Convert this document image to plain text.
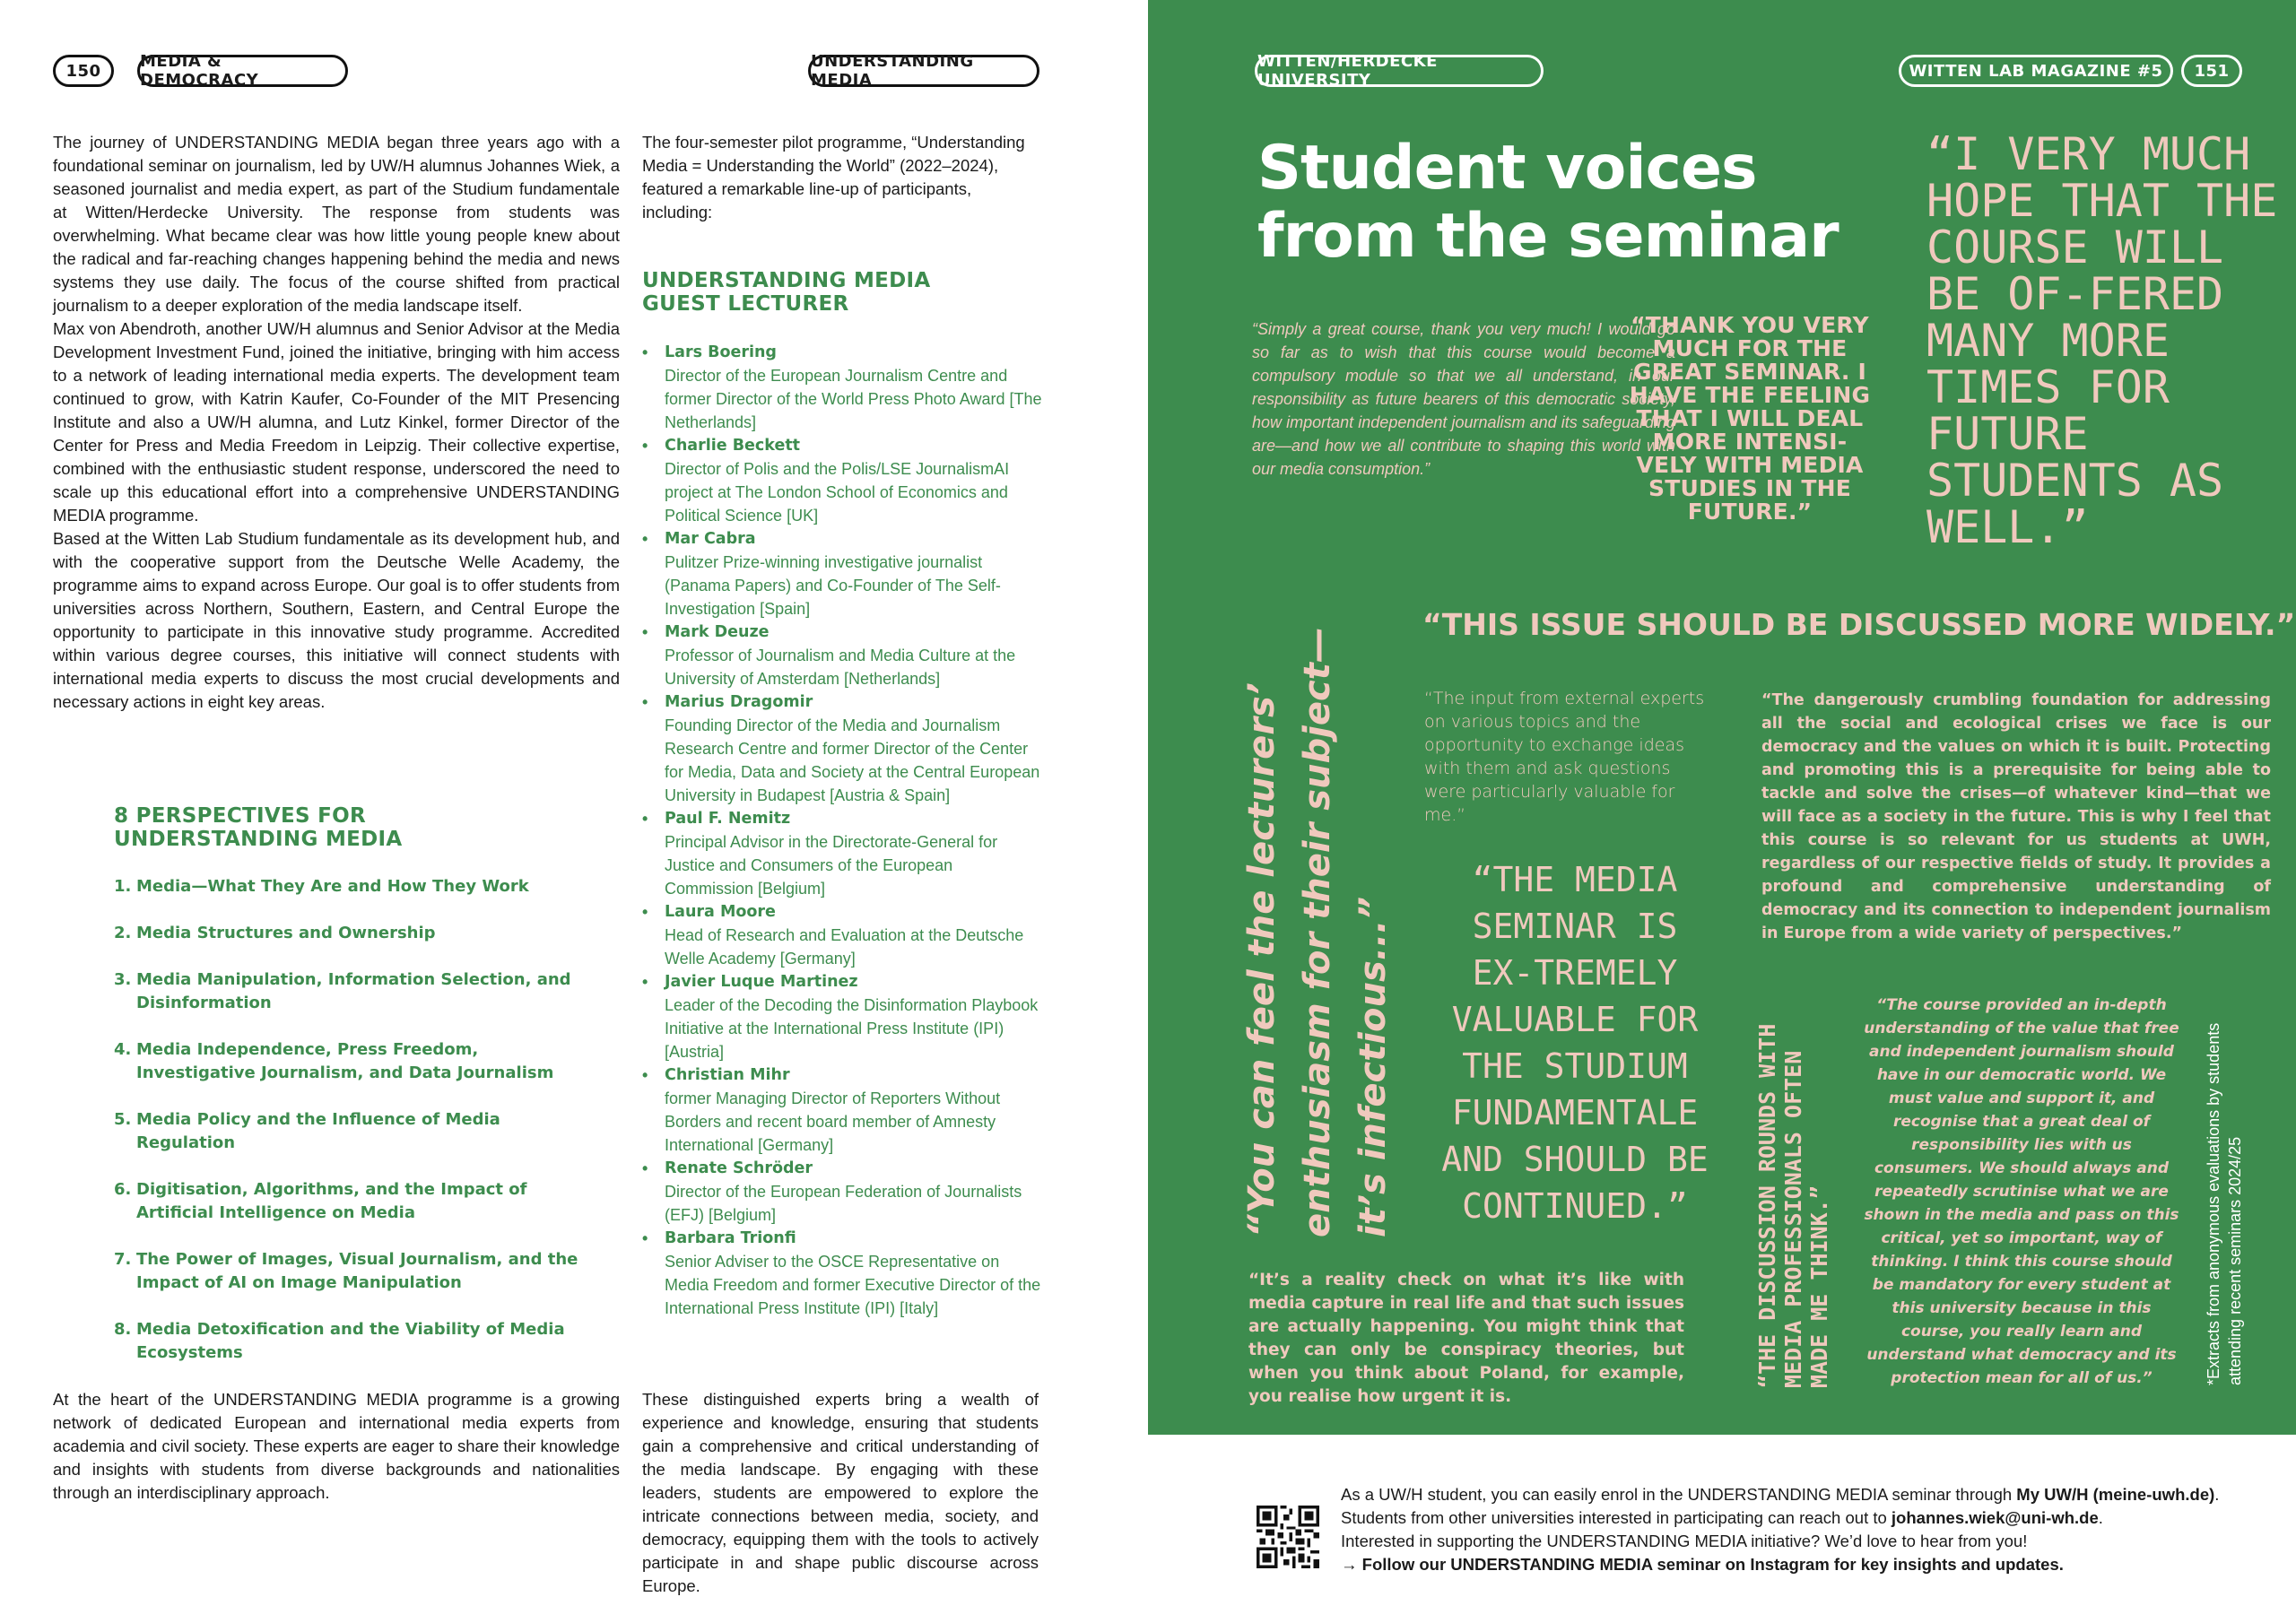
150 MEDIA & DEMOCRACY
UNDERSTANDING MEDIA

The journey of UNDERSTANDING MEDIA began three years ago with a foundational seminar on journalism, led by UW/H alumnus Johannes Wiek, a seasoned journalist and media expert, as part of the Studium fundamentale at Witten/Herdecke University. The response from students was overwhelming. What became clear was how little young people knew about the radical and far-reaching changes happening behind the media and news systems they use daily. The focus of the course shifted from practical journalism to a deeper exploration of the media landscape itself.

Max von Abendroth, another UW/H alumnus and Senior Advisor at the Media Development Investment Fund, joined the initiative, bringing with him access to a network of leading international media experts. The development team continued to grow, with Katrin Kaufer, Co-Founder of the MIT Presencing Institute and also a UW/H alumna, and Lutz Kinkel, former Director of the Center for Press and Media Freedom in Leipzig. Their collective expertise, combined with the enthusiastic student response, underscored the need to scale up this educational effort into a comprehensive UNDERSTANDING MEDIA programme.

Based at the Witten Lab Studium fundamentale as its development hub, and with the cooperative support from the Deutsche Welle Academy, the programme aims to expand across Europe. Our goal is to offer students from universities across Northern, Southern, Eastern, and Central Europe the opportunity to participate in this innovative study programme. Accredited within various degree courses, this initiative will connect students with international media experts to discuss the most crucial developments and necessary actions in eight key areas.

8 PERSPECTIVES FOR
UNDERSTANDING MEDIA
1. Media—What They Are and How They Work
2. Media Structures and Ownership
3. Media Manipulation, Information Selection, and Disinformation
4. Media Independence, Press Freedom, Investigative Journalism, and Data Journalism
5. Media Policy and the Influence of Media Regulation
6. Digitisation, Algorithms, and the Impact of Artificial Intelligence on Media
7. The Power of Images, Visual Journalism, and the Impact of AI on Image Manipulation
8. Media Detoxification and the Viability of Media Ecosystems

At the heart of the UNDERSTANDING MEDIA programme is a growing network of dedicated European and international media experts from academia and civil society. These experts are eager to share their knowledge and insights with students from diverse backgrounds and nationalities through an interdisciplinary approach.

The four-semester pilot programme, “Understanding Media = Understanding the World” (2022–2024), featured a remarkable line-up of participants, including:

UNDERSTANDING MEDIA
GUEST LECTURER
• Lars Boering
Director of the European Journalism Centre and former Director of the World Press Photo Award [The Netherlands]
• Charlie Beckett
Director of Polis and the Polis/LSE JournalismAI project at The London School of Economics and Political Science [UK]
• Mar Cabra
Pulitzer Prize-winning investigative journalist (Panama Papers) and Co-Founder of The Self-Investigation [Spain]
• Mark Deuze
Professor of Journalism and Media Culture at the University of Amsterdam [Netherlands]
• Marius Dragomir
Founding Director of the Media and Journalism Research Centre and former Director of the Center for Media, Data and Society at the Central European University in Budapest [Austria & Spain]
• Paul F. Nemitz
Principal Advisor in the Directorate-General for Justice and Consumers of the European Commission [Belgium]
• Laura Moore
Head of Research and Evaluation at the Deutsche Welle Academy [Germany]
• Javier Luque Martinez
Leader of the Decoding the Disinformation Playbook Initiative at the International Press Institute (IPI) [Austria]
• Christian Mihr
former Managing Director of Reporters Without Borders and recent board member of Amnesty International [Germany]
• Renate Schröder
Director of the European Federation of Journalists (EFJ) [Belgium]
• Barbara Trionfi
Senior Adviser to the OSCE Representative on Media Freedom and former Executive Director of the International Press Institute (IPI) [Italy]

These distinguished experts bring a wealth of experience and knowledge, ensuring that students gain a comprehensive and critical understanding of the media landscape. By engaging with these leaders, students are empowered to explore the intricate connections between media, society, and democracy, equipping them with the tools to actively participate in and shape public discourse across Europe.

WITTEN/HERDECKE UNIVERSITY	WITTEN LAB MAGAZINE #5 151
Student voices
from the seminar

“Simply a great course, thank you very much! I would go so far as to wish that this course would become a compulsory module so that we all understand, in our responsibility as future bearers of this democratic society, how important independent journalism and its safeguarding are—and how we all contribute to shaping this world with our media consumption.”

“THANK YOU VERY MUCH FOR THE GREAT SEMINAR. I HAVE THE FEELING THAT I WILL DEAL MORE INTENSI-VELY WITH MEDIA STUDIES IN THE FUTURE.”

“I VERY MUCH HOPE THAT THE COURSE WILL BE OF-FERED MANY MORE TIMES FOR FUTURE STUDENTS AS WELL.”

“THIS ISSUE SHOULD BE DISCUSSED MORE WIDELY.”

“You can feel the lecturers’ enthusiasm for their subject— it’s infectious...”

“The input from external experts on various topics and the opportunity to exchange ideas with them and ask questions were particularly valuable for me.”

“The dangerously crumbling foundation for addressing all the social and ecological crises we face is our democracy and the values on which it is built. Protecting and promoting this is a prerequisite for being able to tackle and solve the crises—of whatever kind—that we will face as a society in the future. This is why I feel that this course is so relevant for us students at UWH, regardless of our respective fields of study. It provides a profound and comprehensive understanding of democracy and its connection to independent journalism in Europe from a wide variety of perspectives.”

“THE MEDIA SEMINAR IS EX-TREMELY VALUABLE FOR THE STUDIUM FUNDAMENTALE AND SHOULD BE CONTINUED.”

“It’s a reality check on what it’s like with media capture in real life and that such issues are actually happening. You might think that they can only be conspiracy theories, but when you think about Poland, for example, you realise how urgent it is.

“THE DISCUSSION ROUNDS WITH MEDIA PROFESSIONALS OFTEN MADE ME THINK.”

“The course provided an in-depth understanding of the value that free and independent journalism should have in our democratic world. We must value and support it, and recognise that a great deal of responsibility lies with us consumers. We should always and repeatedly scrutinise what we are shown in the media and pass on this critical, yet so important, way of thinking. I think this course should be mandatory for every student at this university because in this course, you really learn and understand what democracy and its protection mean for all of us.”	*Extracts from anonymous evaluations by students attending recent seminars 2024/25

As a UW/H student, you can easily enrol in the UNDERSTANDING MEDIA seminar through My UW/H (meine-uwh.de).
Students from other universities interested in participating can reach out to johannes.wiek@uni-wh.de.
Interested in supporting the UNDERSTANDING MEDIA initiative? We’d love to hear from you!
→ Follow our UNDERSTANDING MEDIA seminar on Instagram for key insights and updates.
